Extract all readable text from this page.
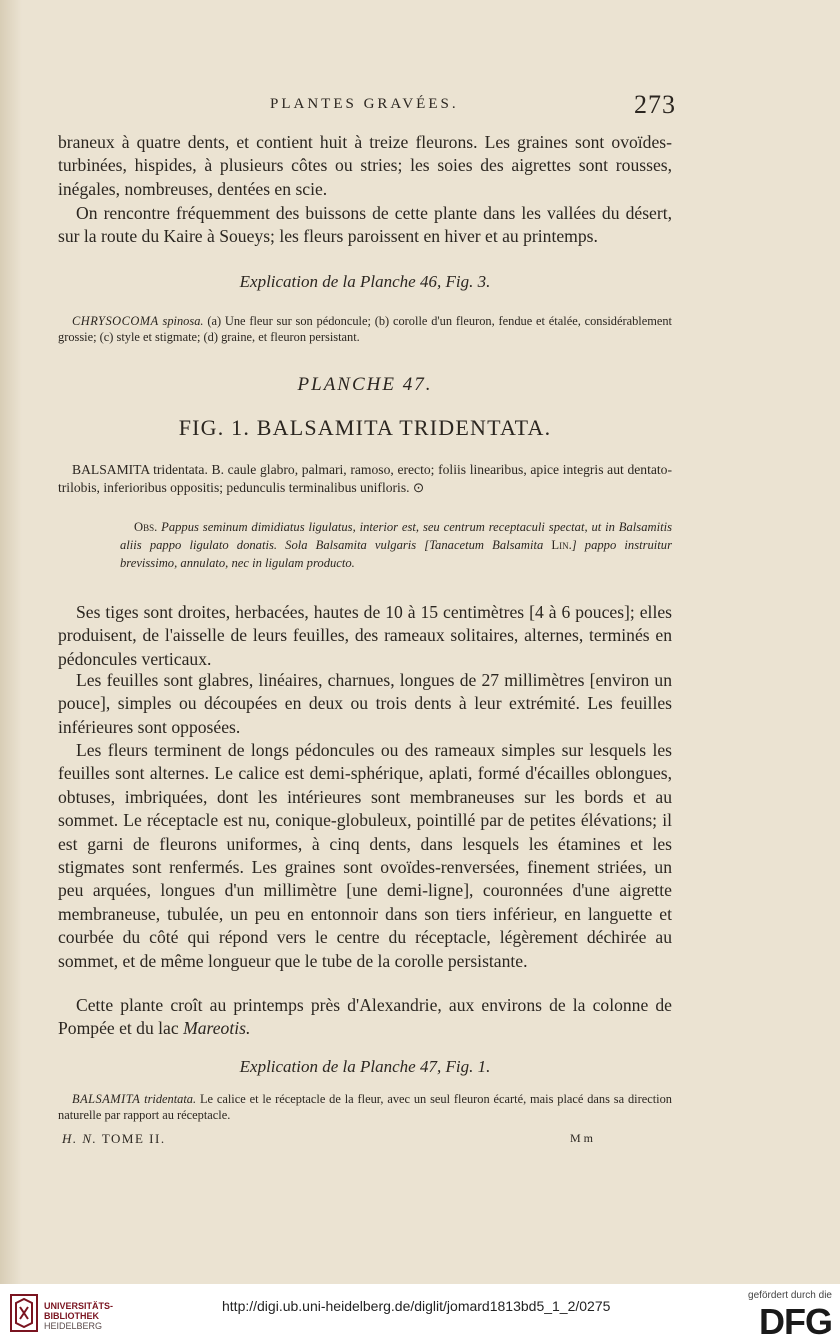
PLANTES GRAVÉES.	273

braneux à quatre dents, et contient huit à treize fleurons. Les graines sont ovoïdes-turbinées, hispides, à plusieurs côtes ou stries; les soies des aigrettes sont rousses, inégales, nombreuses, dentées en scie.

On rencontre fréquemment des buissons de cette plante dans les vallées du désert, sur la route du Kaire à Soueys; les fleurs paroissent en hiver et au printemps.

Explication de la Planche 46, Fig. 3.

CHRYSOCOMA spinosa. (a) Une fleur sur son pédoncule; (b) corolle d'un fleuron, fendue et étalée, considérablement grossie; (c) style et stigmate; (d) graine, et fleuron persistant.

PLANCHE 47.
FIG. 1. BALSAMITA TRIDENTATA.

BALSAMITA tridentata. B. caule glabro, palmari, ramoso, erecto; foliis linearibus, apice integris aut dentato-trilobis, inferioribus oppositis; pedunculis terminalibus unifloris. ⊙

Obs. Pappus seminum dimidiatus ligulatus, interior est, seu centrum receptaculi spectat, ut in Balsamitis aliis pappo ligulato donatis. Sola Balsamita vulgaris [Tanacetum Balsamita Lin.] pappo instruitur brevissimo, annulato, nec in ligulam producto.

Ses tiges sont droites, herbacées, hautes de 10 à 15 centimètres [4 à 6 pouces]; elles produisent, de l'aisselle de leurs feuilles, des rameaux solitaires, alternes, terminés en pédoncules verticaux.

Les feuilles sont glabres, linéaires, charnues, longues de 27 millimètres [environ un pouce], simples ou découpées en deux ou trois dents à leur extrémité. Les feuilles inférieures sont opposées.

Les fleurs terminent de longs pédoncules ou des rameaux simples sur lesquels les feuilles sont alternes. Le calice est demi-sphérique, aplati, formé d'écailles oblongues, obtuses, imbriquées, dont les intérieures sont membraneuses sur les bords et au sommet. Le réceptacle est nu, conique-globuleux, pointillé par de petites élévations; il est garni de fleurons uniformes, à cinq dents, dans lesquels les étamines et les stigmates sont renfermés. Les graines sont ovoïdes-renversées, finement striées, un peu arquées, longues d'un millimètre [une demi-ligne], couronnées d'une aigrette membraneuse, tubulée, un peu en entonnoir dans son tiers inférieur, en languette et courbée du côté qui répond vers le centre du réceptacle, légèrement déchirée au sommet, et de même longueur que le tube de la corolle persistante.

Cette plante croît au printemps près d'Alexandrie, aux environs de la colonne de Pompée et du lac Mareotis.

Explication de la Planche 47, Fig. 1.

BALSAMITA tridentata. Le calice et le réceptacle de la fleur, avec un seul fleuron écarté, mais placé dans sa direction naturelle par rapport au réceptacle.

H. N. TOME II.	M m
UNIVERSITÄTS-
BIBLIOTHEK
HEIDELBERG
http://digi.ub.uni-heidelberg.de/diglit/jomard1813bd5_1_2/0275
gefördert durch die
DFG
